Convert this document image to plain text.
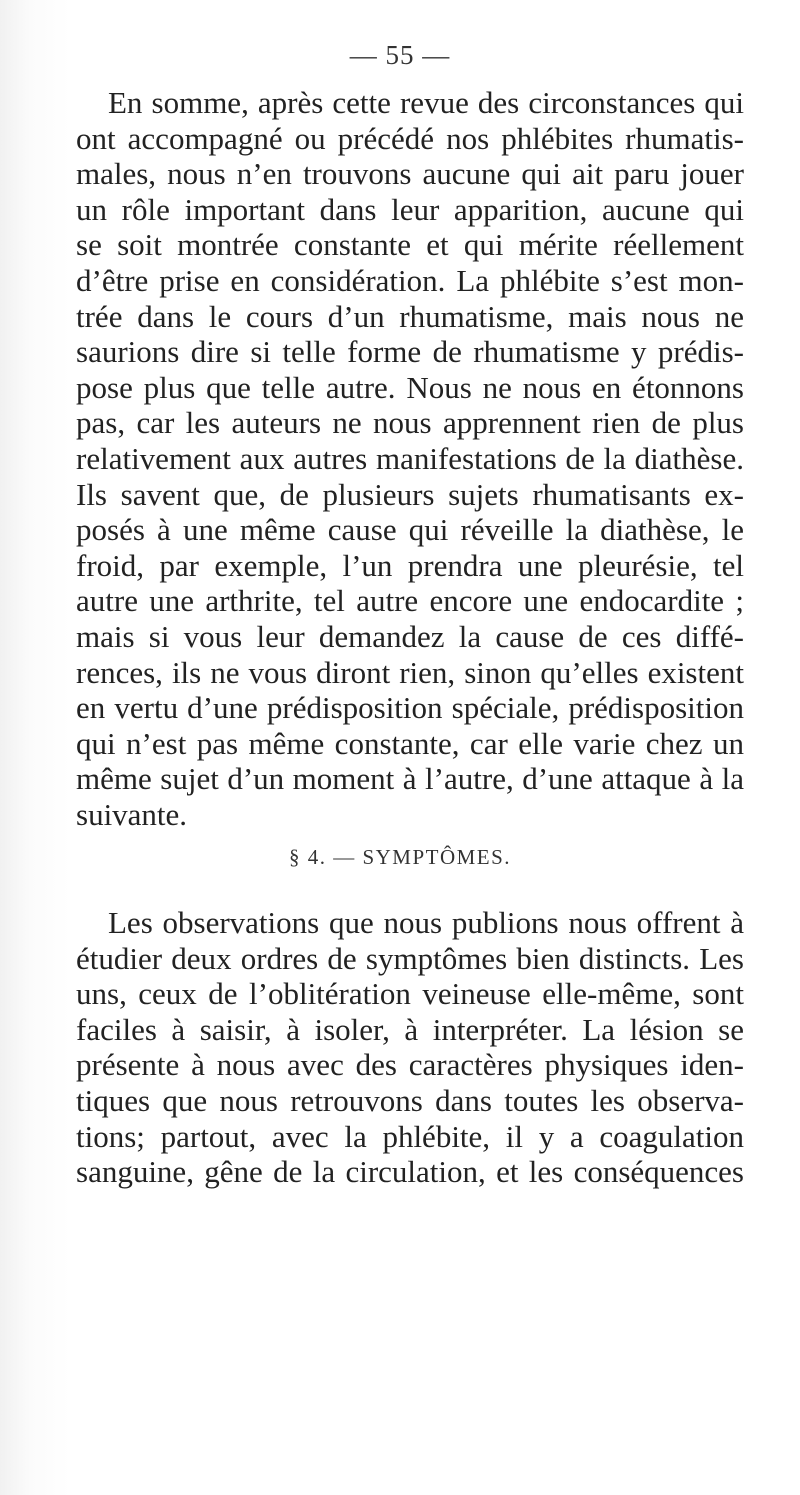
— 55 —
En somme, après cette revue des circonstances qui
ont accompagné ou précédé nos phlébites rhumatis-
males, nous n’en trouvons aucune qui ait paru jouer
un rôle important dans leur apparition, aucune qui
se soit montrée constante et qui mérite réellement
d’être prise en considération. La phlébite s’est mon-
trée dans le cours d’un rhumatisme, mais nous ne
saurions dire si telle forme de rhumatisme y prédis-
pose plus que telle autre. Nous ne nous en étonnons
pas, car les auteurs ne nous apprennent rien de plus
relativement aux autres manifestations de la diathèse.
Ils savent que, de plusieurs sujets rhumatisants ex-
posés à une même cause qui réveille la diathèse, le
froid, par exemple, l’un prendra une pleurésie, tel
autre une arthrite, tel autre encore une endocardite ;
mais si vous leur demandez la cause de ces diffé-
rences, ils ne vous diront rien, sinon qu’elles existent
en vertu d’une prédisposition spéciale, prédisposition
qui n’est pas même constante, car elle varie chez un
même sujet d’un moment à l’autre, d’une attaque à la
suivante.
§ 4. — SYMPTÔMES.
Les observations que nous publions nous offrent à
étudier deux ordres de symptômes bien distincts. Les
uns, ceux de l’oblitération veineuse elle-même, sont
faciles à saisir, à isoler, à interpréter. La lésion se
présente à nous avec des caractères physiques iden-
tiques que nous retrouvons dans toutes les observa-
tions; partout, avec la phlébite, il y a coagulation
sanguine, gêne de la circulation, et les conséquences
